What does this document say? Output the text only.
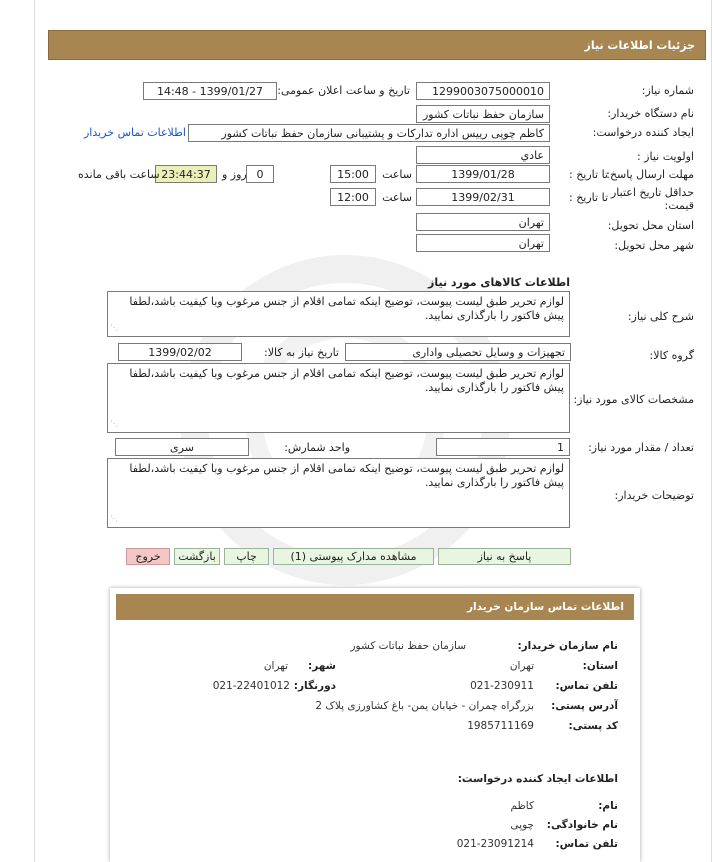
جزئیات اطلاعات نیاز
شماره نیاز:
1299003075000010
تاریخ و ساعت اعلان عمومی:
1399/01/27 - 14:48
نام دستگاه خریدار:
سازمان حفظ نباتات کشور
ایجاد کننده درخواست:
کاظم چوپی رییس اداره تدارکات و پشتیبانی سازمان حفظ نباتات کشور
اطلاعات تماس خریدار
اولویت نیاز :
عادي
مهلت ارسال پاسخ:
تا تاریخ :
1399/01/28
ساعت
15:00
0
روز و
23:44:37
ساعت باقی مانده
حداقل تاریخ اعتبار قیمت:
تا تاریخ :
1399/02/31
ساعت
12:00
استان محل تحویل:
تهران
شهر محل تحویل:
تهران
اطلاعات کالاهای مورد نیاز
شرح کلی نیاز:
لوازم تحریر طبق لیست پیوست، توضیح اینکه تمامی اقلام از جنس مرغوب وبا کیفیت باشد،لطفا پیش فاکتور را بارگذاری نمایید.
⋰
گروه کالا:
تجهیزات و وسایل تحصیلی واداری
تاریخ نیاز به کالا:
1399/02/02
مشخصات کالای مورد نیاز:
لوازم تحریر طبق لیست پیوست، توضیح اینکه تمامی اقلام از جنس مرغوب وبا کیفیت باشد،لطفا پیش فاکتور را بارگذاری نمایید.
⋰
تعداد / مقدار مورد نیاز:
1
واحد شمارش:
سری
توضیحات خریدار:
لوازم تحریر طبق لیست پیوست، توضیح اینکه تمامی اقلام از جنس مرغوب وبا کیفیت باشد،لطفا پیش فاکتور را بارگذاری نمایید.
⋰
پاسخ به نیاز
مشاهده مدارک پیوستی (1)
چاپ
بازگشت
خروج
اطلاعات تماس سازمان خریدار
نام سازمان خریدار:
سازمان حفظ نباتات کشور
استان:
تهران
شهر:
تهران
تلفن تماس:
021-230911
دورنگار:
021-22401012
آدرس پستی:
بزرگراه چمران - خیابان یمن- باغ کشاورزی پلاک 2
کد پستی:
1985711169
اطلاعات ایجاد کننده درخواست:
نام:
کاظم
نام خانوادگی:
چوپی
تلفن تماس:
021-23091214
